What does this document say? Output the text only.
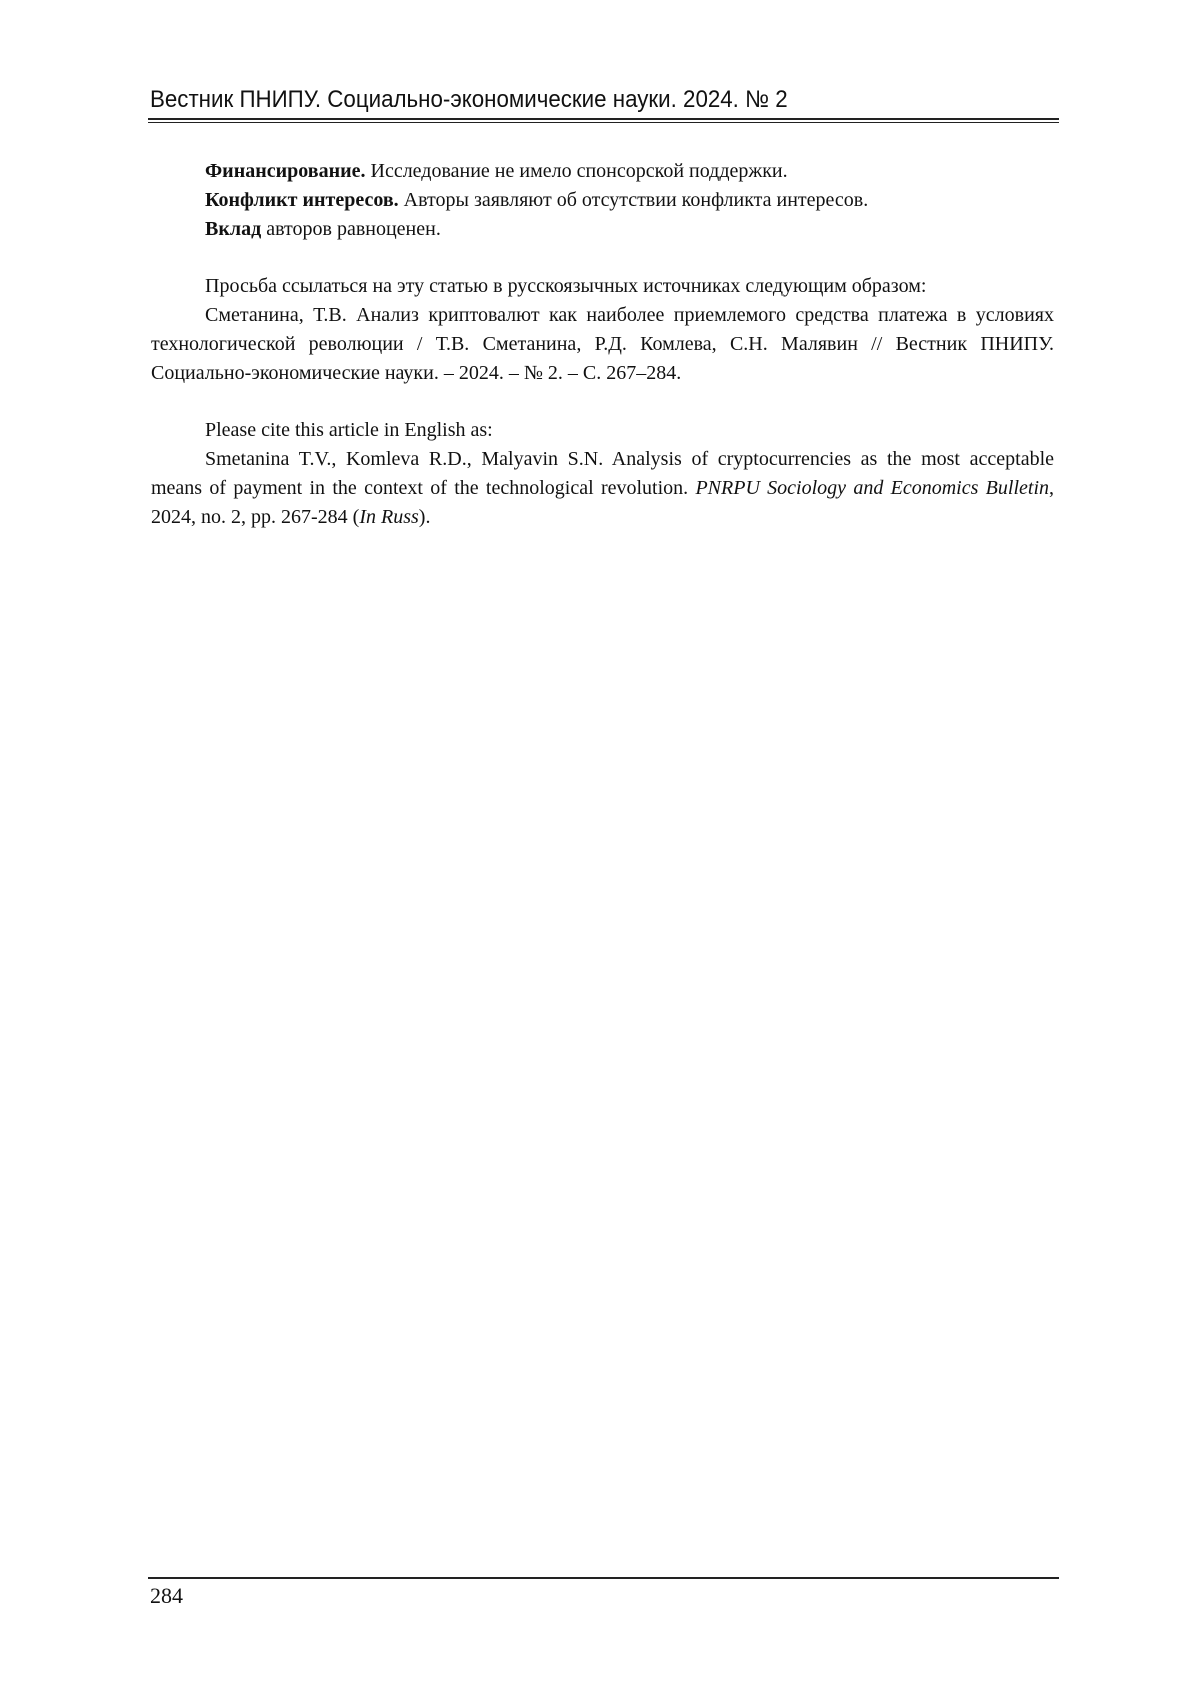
Вестник ПНИПУ. Социально-экономические науки. 2024. № 2

Финансирование. Исследование не имело спонсорской поддержки.

Конфликт интересов. Авторы заявляют об отсутствии конфликта интересов.

Вклад авторов равноценен.

Просьба ссылаться на эту статью в русскоязычных источниках следующим образом:

Сметанина, Т.В. Анализ криптовалют как наиболее приемлемого средства платежа в условиях технологической революции / Т.В. Сметанина, Р.Д. Комлева, С.Н. Малявин // Вестник ПНИПУ. Социально-экономические науки. – 2024. – № 2. – С. 267–284.

Please cite this article in English as:

Smetanina T.V., Komleva R.D., Malyavin S.N. Analysis of cryptocurrencies as the most acceptable means of payment in the context of the technological revolution. PNRPU Sociology and Economics Bulletin, 2024, no. 2, pp. 267-284 (In Russ).

284
